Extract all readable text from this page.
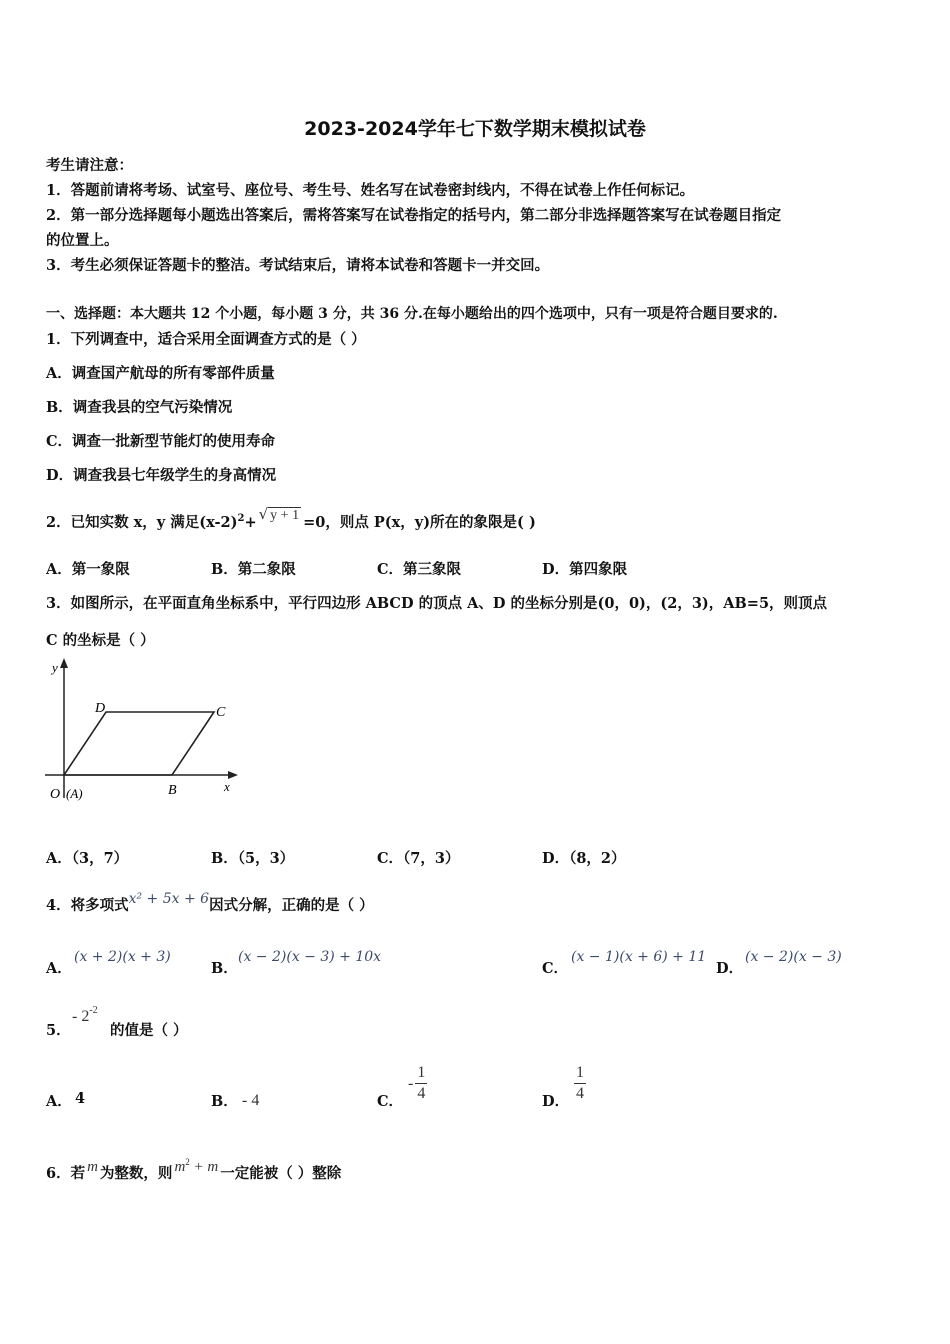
2023-2024学年七下数学期末模拟试卷
考生请注意：
1．答题前请将考场、试室号、座位号、考生号、姓名写在试卷密封线内，不得在试卷上作任何标记。
2．第一部分选择题每小题选出答案后，需将答案写在试卷指定的括号内，第二部分非选择题答案写在试卷题目指定
的位置上。
3．考生必须保证答题卡的整洁。考试结束后，请将本试卷和答题卡一并交回。
一、选择题：本大题共 12 个小题，每小题 3 分，共 36 分.在每小题给出的四个选项中，只有一项是符合题目要求的.
1．下列调查中，适合采用全面调查方式的是（ ）
A．调查国产航母的所有零部件质量
B．调查我县的空气污染情况
C．调查一批新型节能灯的使用寿命
D．调查我县七年级学生的身高情况
2．已知实数 x，y 满足$(x-2)^2+$ √ y + 1 =0，则点 P(x，y)所在的象限是( )
A．第一象限	B．第二象限	C．第三象限	D．第四象限
3．如图所示，在平面直角坐标系中，平行四边形 ABCD 的顶点 A、D 的坐标分别是(0，0)，(2，3)，AB=5，则顶点
C 的坐标是（ ）
y
x
D	C
B
O (A)
A．（3，7）	B．（5，3）	C．（7，3）	D．（8，2）
4．将多项式x² + 5x + 6因式分解，正确的是（ ）
A．
(x + 2)(x + 3)
B．
(x − 2)(x − 3) + 10x
C．
(x − 1)(x + 6) + 11
D．
(x − 2)(x − 3)
5．
- $2^{-2}$
的值是（ ）
A． 4	B． - 4	C．
- $\frac{1}{4}$	D． $\frac{1}{4}$
6．若 m 为整数，则 $m^2 + m$ 一定能被（ ）整除
